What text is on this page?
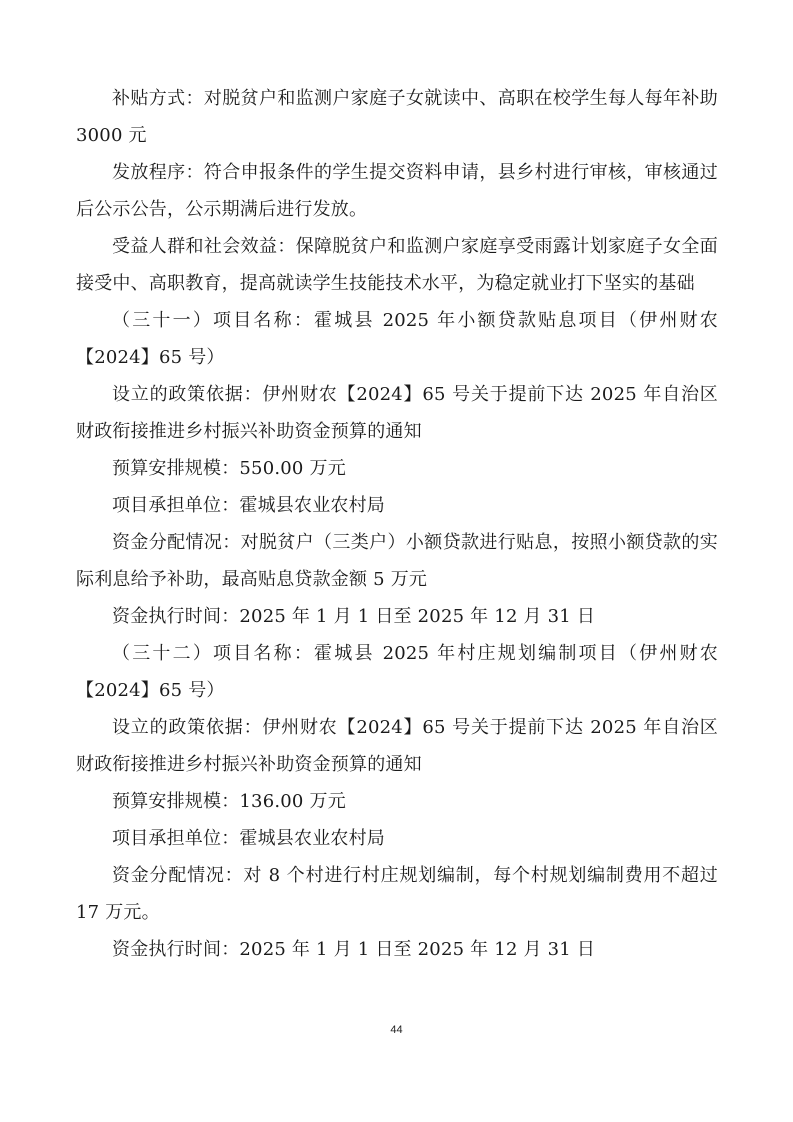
补贴方式：对脱贫户和监测户家庭子女就读中、高职在校学生每人每年补助 3000 元

发放程序：符合申报条件的学生提交资料申请，县乡村进行审核，审核通过后公示公告，公示期满后进行发放。

受益人群和社会效益：保障脱贫户和监测户家庭享受雨露计划家庭子女全面接受中、高职教育，提高就读学生技能技术水平，为稳定就业打下坚实的基础

（三十一）项目名称：霍城县 2025 年小额贷款贴息项目（伊州财农【2024】65 号）

设立的政策依据：伊州财农【2024】65 号关于提前下达 2025 年自治区财政衔接推进乡村振兴补助资金预算的通知

预算安排规模：550.00 万元

项目承担单位：霍城县农业农村局

资金分配情况：对脱贫户（三类户）小额贷款进行贴息，按照小额贷款的实际利息给予补助，最高贴息贷款金额 5 万元

资金执行时间：2025 年 1 月 1 日至 2025 年 12 月 31 日

（三十二）项目名称：霍城县 2025 年村庄规划编制项目（伊州财农【2024】65 号）

设立的政策依据：伊州财农【2024】65 号关于提前下达 2025 年自治区财政衔接推进乡村振兴补助资金预算的通知

预算安排规模：136.00 万元

项目承担单位：霍城县农业农村局

资金分配情况：对 8 个村进行村庄规划编制，每个村规划编制费用不超过 17 万元。

资金执行时间：2025 年 1 月 1 日至 2025 年 12 月 31 日

44
